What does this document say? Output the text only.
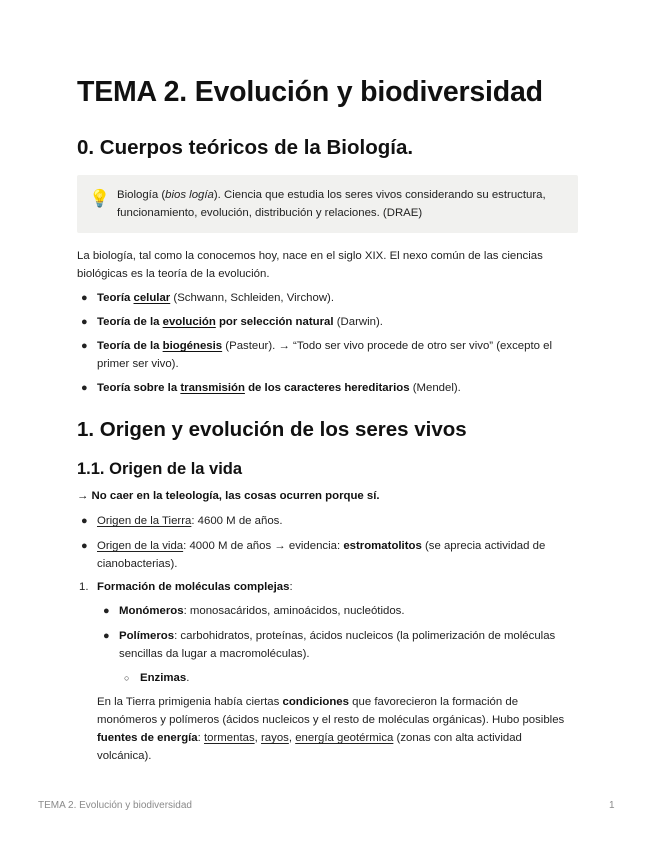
TEMA 2. Evolución y biodiversidad
0. Cuerpos teóricos de la Biología.
💡 Biología (bios logía). Ciencia que estudia los seres vivos considerando su estructura, funcionamiento, evolución, distribución y relaciones. (DRAE)

La biología, tal como la conocemos hoy, nace en el siglo XIX. El nexo común de las ciencias biológicas es la teoría de la evolución.

● Teoría celular (Schwann, Schleiden, Virchow).
● Teoría de la evolución por selección natural (Darwin).
● Teoría de la biogénesis (Pasteur). → “Todo ser vivo procede de otro ser vivo” (excepto el primer ser vivo).
● Teoría sobre la transmisión de los caracteres hereditarios (Mendel).
1. Origen y evolución de los seres vivos
1.1. Origen de la vida
→ No caer en la teleología, las cosas ocurren porque sí.
● Origen de la Tierra: 4600 M de años.
● Origen de la vida: 4000 M de años → evidencia: estromatolitos (se aprecia actividad de cianobacterias).
1. Formación de moléculas complejas:
● Monómeros: monosacáridos, aminoácidos, nucleótidos.
● Polímeros: carbohidratos, proteínas, ácidos nucleicos (la polimerización de moléculas sencillas da lugar a macromoléculas).
○ Enzimas.
En la Tierra primigenia había ciertas condiciones que favorecieron la formación de monómeros y polímeros (ácidos nucleicos y el resto de moléculas orgánicas). Hubo posibles fuentes de energía: tormentas, rayos, energía geotérmica (zonas con alta actividad volcánica).
TEMA 2. Evolución y biodiversidad	1
